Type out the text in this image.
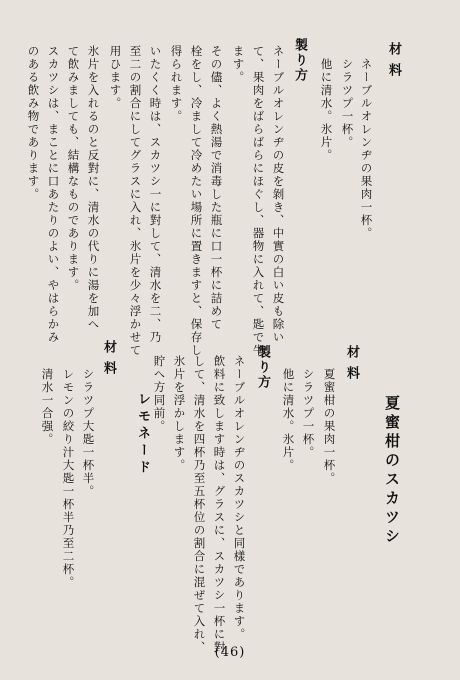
材料
ネーブルオレンヂの果肉一杯。
シラツプ一杯。
他に清水。氷片。
製り方
ネーブルオレンヂの皮を剝き、中實の白い皮も除い
て、果肉をばらばらにほぐし、器物に入れて、匙で牛
ます。
その儘、よく熱湯で消毒した瓶に口一杯に詰めて
栓をし、冷まして冷めたい場所に置きますと、保存し
得られます。
いたくく時は、スカツシ一に對して、清水を二、乃
至二の割合にしてグラスに入れ、氷片を少々浮かせて
用ひます。
氷片を入れるのと反對に、清水の代りに湯を加へ
て飲みましても、結構なものであります。
スカツシは、まことに口あたりのよい、やはらかみ
のある飲み物であります。
夏蜜柑のスカツシ
材料
夏蜜柑の果肉一杯。
シラツプ一杯。
他に清水。氷片。
製り方
ネーブルオレンヂのスカツシと同樣であります。
飲料に致します時は、グラスに、スカツシ一杯に對
して、清水を四杯乃至五杯位の割合に混ぜて入れ、
氷片を浮かします。
貯へ方同前。
レモネード
材料
シラツプ大匙一杯半。
レモンの絞り汁大匙一杯半乃至二杯。
清水一合强。
(46)
